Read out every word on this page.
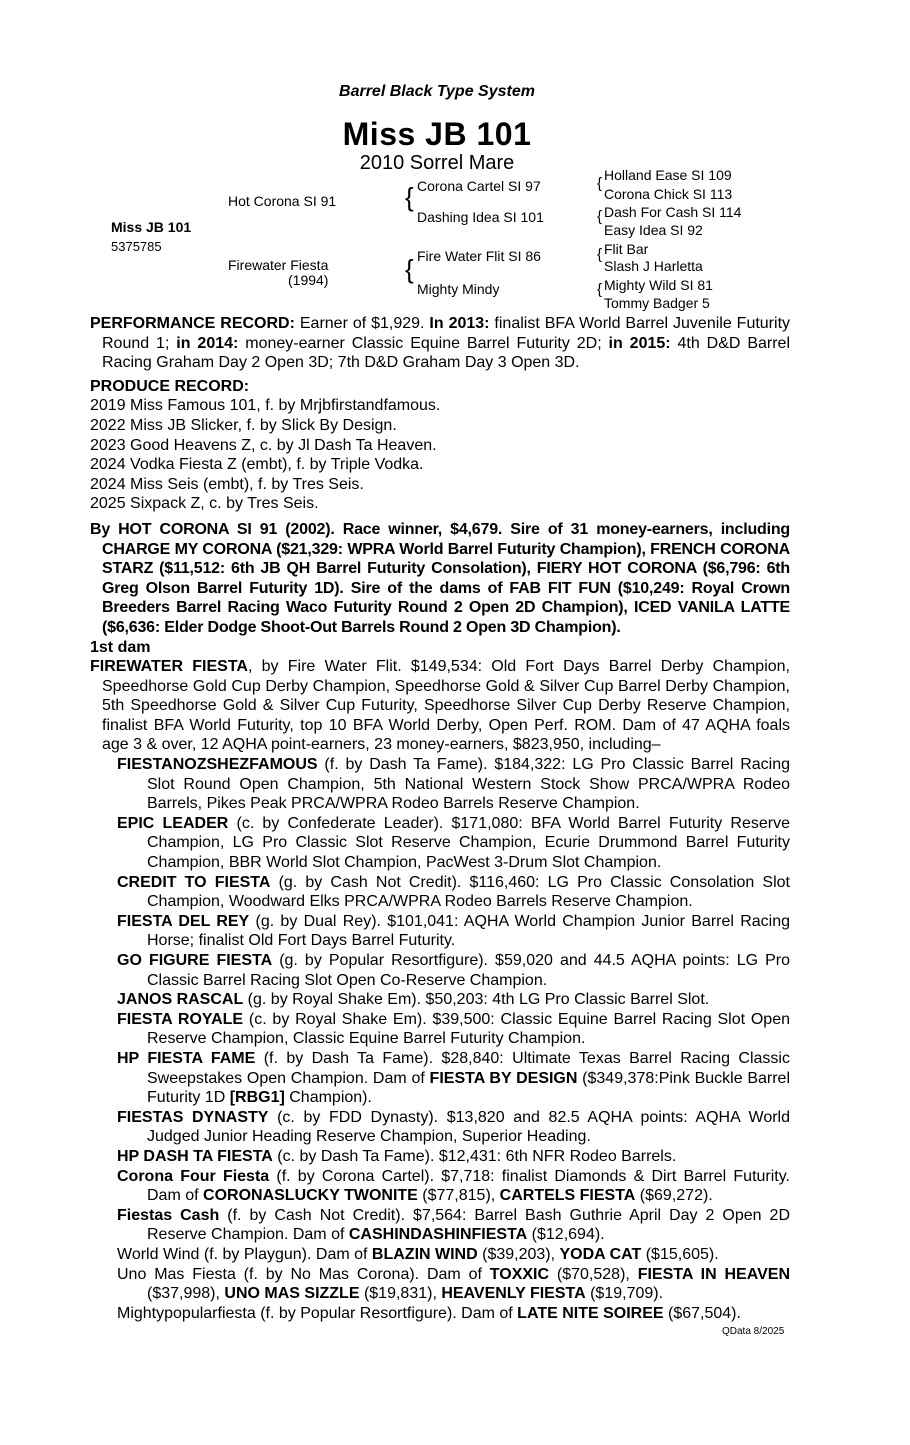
Barrel Black Type System
Miss JB 101
2010 Sorrel Mare
Miss JB 101
5375785
Hot Corona SI 91
Firewater Fiesta
(1994)
{ Corona Cartel SI 97
Dashing Idea SI 101
{ Fire Water Flit SI 86
Mighty Mindy
{ Holland Ease SI 109
Corona Chick SI 113
{ Dash For Cash SI 114
Easy Idea SI 92
{ Flit Bar
Slash J Harletta
{ Mighty Wild SI 81
Tommy Badger 5

PERFORMANCE RECORD: Earner of $1,929. In 2013: finalist BFA World Barrel Juvenile Futurity Round 1; in 2014: money-earner Classic Equine Barrel Futurity 2D; in 2015: 4th D&D Barrel Racing Graham Day 2 Open 3D; 7th D&D Graham Day 3 Open 3D.

PRODUCE RECORD:

2019 Miss Famous 101, f. by Mrjbfirstandfamous.

2022 Miss JB Slicker, f. by Slick By Design.

2023 Good Heavens Z, c. by Jl Dash Ta Heaven.

2024 Vodka Fiesta Z (embt), f. by Triple Vodka.

2024 Miss Seis (embt), f. by Tres Seis.

2025 Sixpack Z, c. by Tres Seis.

By HOT CORONA SI 91 (2002). Race winner, $4,679. Sire of 31 money-earners, including CHARGE MY CORONA ($21,329: WPRA World Barrel Futurity Champion), FRENCH CORONA STARZ ($11,512: 6th JB QH Barrel Futurity Consolation), FIERY HOT CORONA ($6,796: 6th Greg Olson Barrel Futurity 1D). Sire of the dams of FAB FIT FUN ($10,249: Royal Crown Breeders Barrel Racing Waco Futurity Round 2 Open 2D Champion), ICED VANILA LATTE ($6,636: Elder Dodge Shoot-Out Barrels Round 2 Open 3D Champion).

1st dam

FIREWATER FIESTA, by Fire Water Flit. $149,534: Old Fort Days Barrel Derby Champion, Speedhorse Gold Cup Derby Champion, Speedhorse Gold & Silver Cup Barrel Derby Champion, 5th Speedhorse Gold & Silver Cup Futurity, Speedhorse Silver Cup Derby Reserve Champion, finalist BFA World Futurity, top 10 BFA World Derby, Open Perf. ROM. Dam of 47 AQHA foals age 3 & over, 12 AQHA point-earners, 23 money-earners, $823,950, including–

FIESTANOZSHEZFAMOUS (f. by Dash Ta Fame). $184,322: LG Pro Classic Barrel Racing Slot Round Open Champion, 5th National Western Stock Show PRCA/WPRA Rodeo Barrels, Pikes Peak PRCA/WPRA Rodeo Barrels Reserve Champion.

EPIC LEADER (c. by Confederate Leader). $171,080: BFA World Barrel Futurity Reserve Champion, LG Pro Classic Slot Reserve Champion, Ecurie Drummond Barrel Futurity Champion, BBR World Slot Champion, PacWest 3-Drum Slot Champion.

CREDIT TO FIESTA (g. by Cash Not Credit). $116,460: LG Pro Classic Consolation Slot Champion, Woodward Elks PRCA/WPRA Rodeo Barrels Reserve Champion.

FIESTA DEL REY (g. by Dual Rey). $101,041: AQHA World Champion Junior Barrel Racing Horse; finalist Old Fort Days Barrel Futurity.

GO FIGURE FIESTA (g. by Popular Resortfigure). $59,020 and 44.5 AQHA points: LG Pro Classic Barrel Racing Slot Open Co-Reserve Champion.

JANOS RASCAL (g. by Royal Shake Em). $50,203: 4th LG Pro Classic Barrel Slot.

FIESTA ROYALE (c. by Royal Shake Em). $39,500: Classic Equine Barrel Racing Slot Open Reserve Champion, Classic Equine Barrel Futurity Champion.

HP FIESTA FAME (f. by Dash Ta Fame). $28,840: Ultimate Texas Barrel Racing Classic Sweepstakes Open Champion. Dam of FIESTA BY DESIGN ($349,378:Pink Buckle Barrel Futurity 1D [RBG1] Champion).

FIESTAS DYNASTY (c. by FDD Dynasty). $13,820 and 82.5 AQHA points: AQHA World Judged Junior Heading Reserve Champion, Superior Heading.

HP DASH TA FIESTA (c. by Dash Ta Fame). $12,431: 6th NFR Rodeo Barrels.

Corona Four Fiesta (f. by Corona Cartel). $7,718: finalist Diamonds & Dirt Barrel Futurity. Dam of CORONASLUCKY TWONITE ($77,815), CARTELS FIESTA ($69,272).

Fiestas Cash (f. by Cash Not Credit). $7,564: Barrel Bash Guthrie April Day 2 Open 2D Reserve Champion. Dam of CASHINDASHINFIESTA ($12,694).

World Wind (f. by Playgun). Dam of BLAZIN WIND ($39,203), YODA CAT ($15,605).

Uno Mas Fiesta (f. by No Mas Corona). Dam of TOXXIC ($70,528), FIESTA IN HEAVEN ($37,998), UNO MAS SIZZLE ($19,831), HEAVENLY FIESTA ($19,709).

Mightypopularfiesta (f. by Popular Resortfigure). Dam of LATE NITE SOIREE ($67,504).

QData 8/2025
